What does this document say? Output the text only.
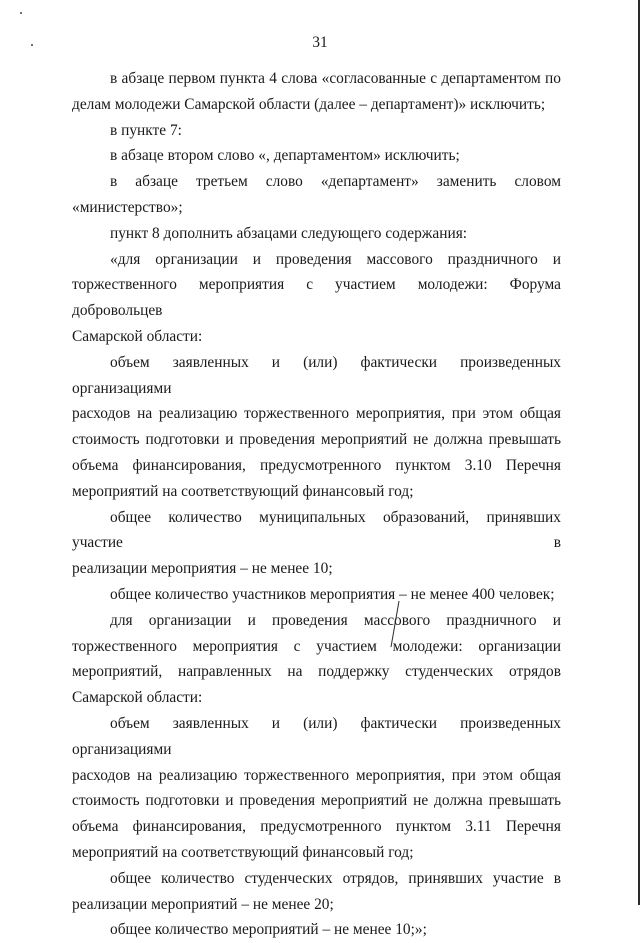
31
в абзаце первом пункта 4 слова «согласованные с департаментом по
делам молодежи Самарской области (далее – департамент)» исключить;
в пункте 7:
в абзаце втором слово «, департаментом» исключить;
в абзаце третьем слово «департамент» заменить словом
«министерство»;
пункт 8 дополнить абзацами следующего содержания:
«для организации и проведения массового праздничного и
торжественного мероприятия с участием молодежи: Форума добровольцев
Самарской области:
объем заявленных и (или) фактически произведенных организациями
расходов на реализацию торжественного мероприятия, при этом общая
стоимость подготовки и проведения мероприятий не должна превышать
объема финансирования, предусмотренного пунктом 3.10 Перечня
мероприятий на соответствующий финансовый год;
общее количество муниципальных образований, принявших участие в
реализации мероприятия – не менее 10;
общее количество участников мероприятия – не менее 400 человек;
для организации и проведения массового праздничного и
торжественного мероприятия с участием молодежи: организации
мероприятий, направленных на поддержку студенческих отрядов
Самарской области:
объем заявленных и (или) фактически произведенных организациями
расходов на реализацию торжественного мероприятия, при этом общая
стоимость подготовки и проведения мероприятий не должна превышать
объема финансирования, предусмотренного пунктом 3.11 Перечня
мероприятий на соответствующий финансовый год;
общее количество студенческих отрядов, принявших участие в
реализации мероприятий – не менее 20;
общее количество мероприятий – не менее 10;»;
